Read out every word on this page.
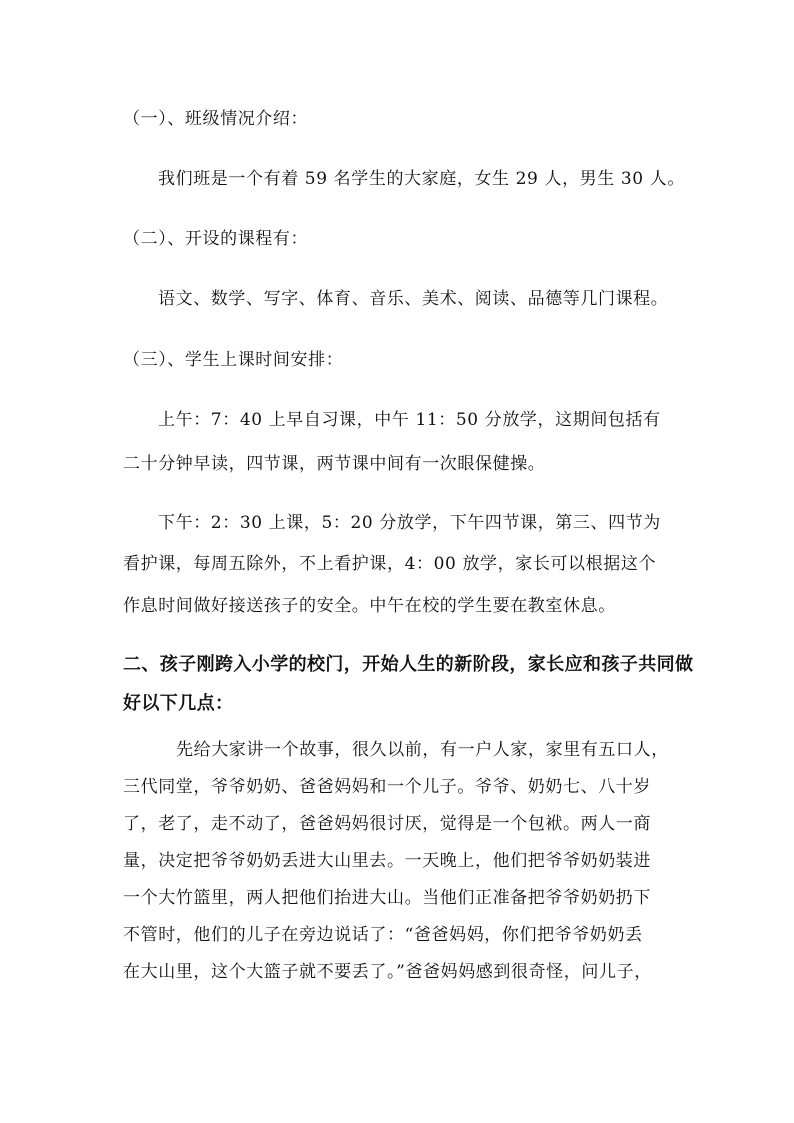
（一）、班级情况介绍：
我们班是一个有着 59 名学生的大家庭，女生 29 人，男生 30 人。
（二）、开设的课程有：
语文、数学、写字、体育、音乐、美术、阅读、品德等几门课程。
（三）、学生上课时间安排：
上午：7：40 上早自习课，中午 11：50 分放学，这期间包括有
二十分钟早读，四节课，两节课中间有一次眼保健操。
下午：2：30 上课，5：20 分放学，下午四节课，第三、四节为
看护课，每周五除外，不上看护课，4：00 放学，家长可以根据这个
作息时间做好接送孩子的安全。中午在校的学生要在教室休息。
二、孩子刚跨入小学的校门，开始人生的新阶段，家长应和孩子共同做
好以下几点：
先给大家讲一个故事，很久以前，有一户人家，家里有五口人，
三代同堂，爷爷奶奶、爸爸妈妈和一个儿子。爷爷、奶奶七、八十岁
了，老了，走不动了，爸爸妈妈很讨厌，觉得是一个包袱。两人一商
量，决定把爷爷奶奶丢进大山里去。一天晚上，他们把爷爷奶奶装进
一个大竹篮里，两人把他们抬进大山。当他们正准备把爷爷奶奶扔下
不管时，他们的儿子在旁边说话了：“爸爸妈妈，你们把爷爷奶奶丢
在大山里，这个大篮子就不要丢了。”爸爸妈妈感到很奇怪，问儿子，
